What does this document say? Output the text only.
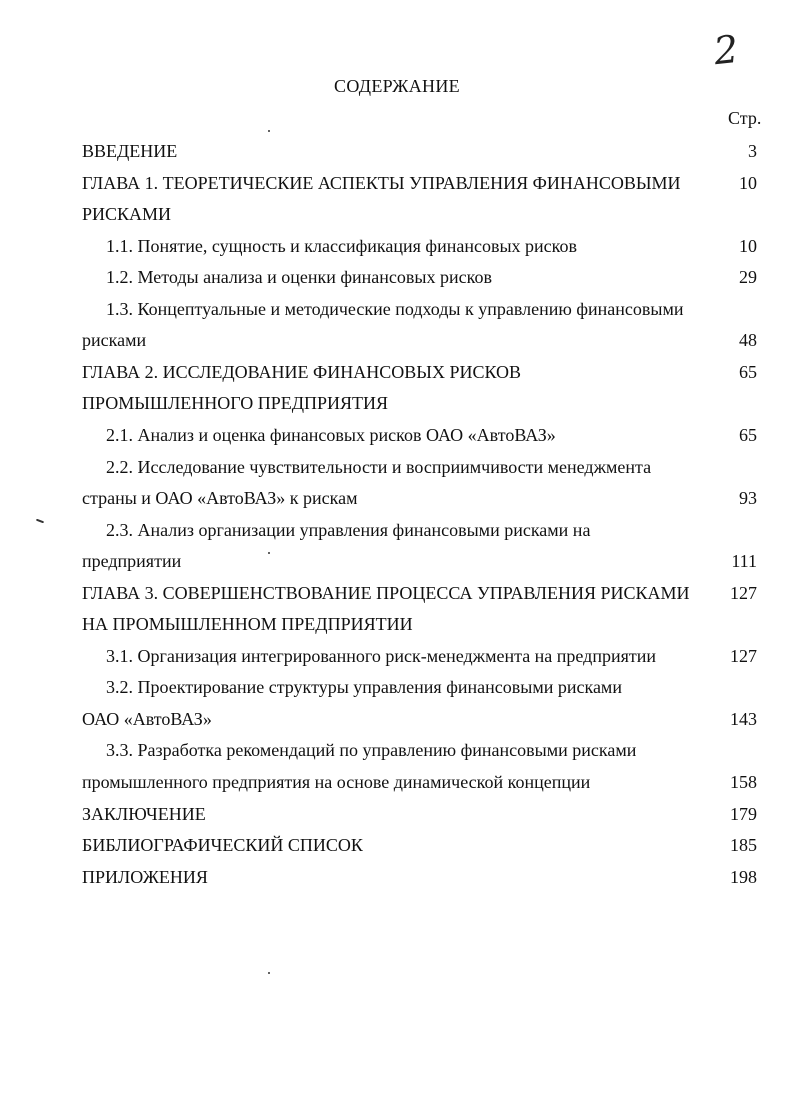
2
СОДЕРЖАНИЕ
Стр.
ВВЕДЕНИЕ	3
ГЛАВА 1. ТЕОРЕТИЧЕСКИЕ АСПЕКТЫ УПРАВЛЕНИЯ ФИНАНСОВЫМИ	10
РИСКАМИ
1.1. Понятие, сущность и классификация финансовых рисков	10
1.2. Методы анализа и оценки финансовых рисков	29
1.3. Концептуальные и методические подходы к управлению финансовыми
рисками	48
ГЛАВА 2. ИССЛЕДОВАНИЕ ФИНАНСОВЫХ РИСКОВ	65
ПРОМЫШЛЕННОГО ПРЕДПРИЯТИЯ
2.1. Анализ и оценка финансовых рисков ОАО «АвтоВАЗ»	65
2.2. Исследование чувствительности и восприимчивости менеджмента
страны и ОАО «АвтоВАЗ» к рискам	93
2.3. Анализ организации управления финансовыми рисками на
предприятии	111
ГЛАВА 3. СОВЕРШЕНСТВОВАНИЕ ПРОЦЕССА УПРАВЛЕНИЯ РИСКАМИ	127
НА ПРОМЫШЛЕННОМ ПРЕДПРИЯТИИ
3.1. Организация интегрированного риск-менеджмента на предприятии	127
3.2. Проектирование структуры управления финансовыми рисками
ОАО «АвтоВАЗ»	143
3.3. Разработка рекомендаций по управлению финансовыми рисками
промышленного предприятия на основе динамической концепции	158
ЗАКЛЮЧЕНИЕ	179
БИБЛИОГРАФИЧЕСКИЙ СПИСОК	185
ПРИЛОЖЕНИЯ	198
